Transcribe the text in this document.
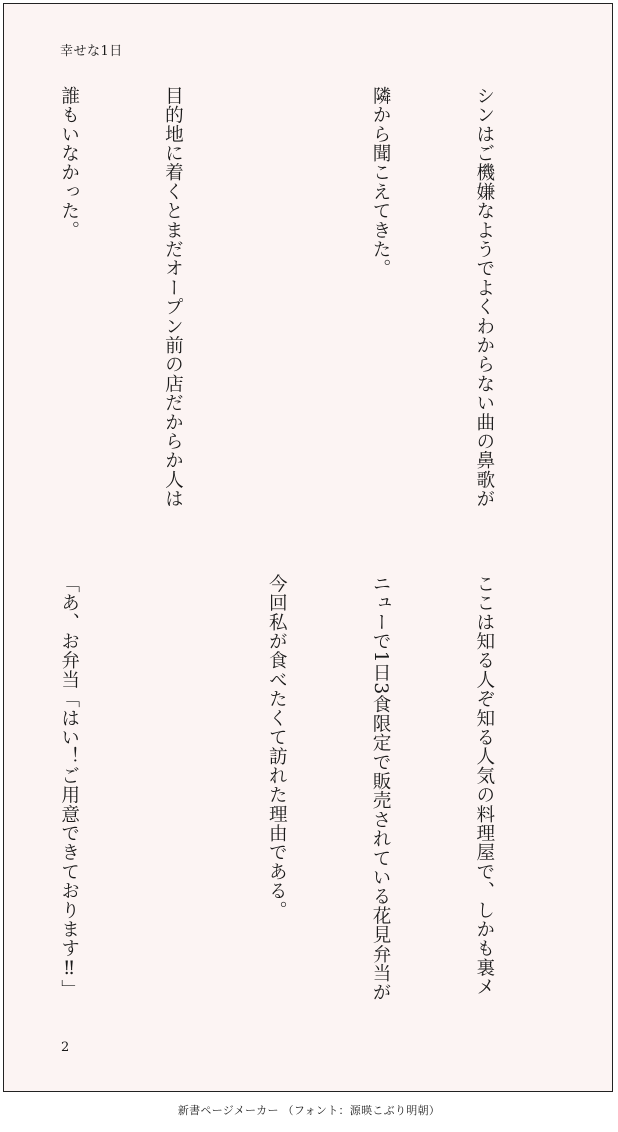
幸せな1日

シンはご機嫌なようでよくわからない曲の鼻歌が

隣から聞こえてきた。

目的地に着くとまだオープン前の店だからか人は

誰もいなかった。

ここは知る人ぞ知る人気の料理屋で、しかも裏メ

ニューで1日3食限定で販売されている花見弁当が

今回私が食べたくて訪れた理由である。

「あ、お弁当「はい！ご用意できております‼」

2
新書ページメーカー （フォント：源暎こぶり明朝）
